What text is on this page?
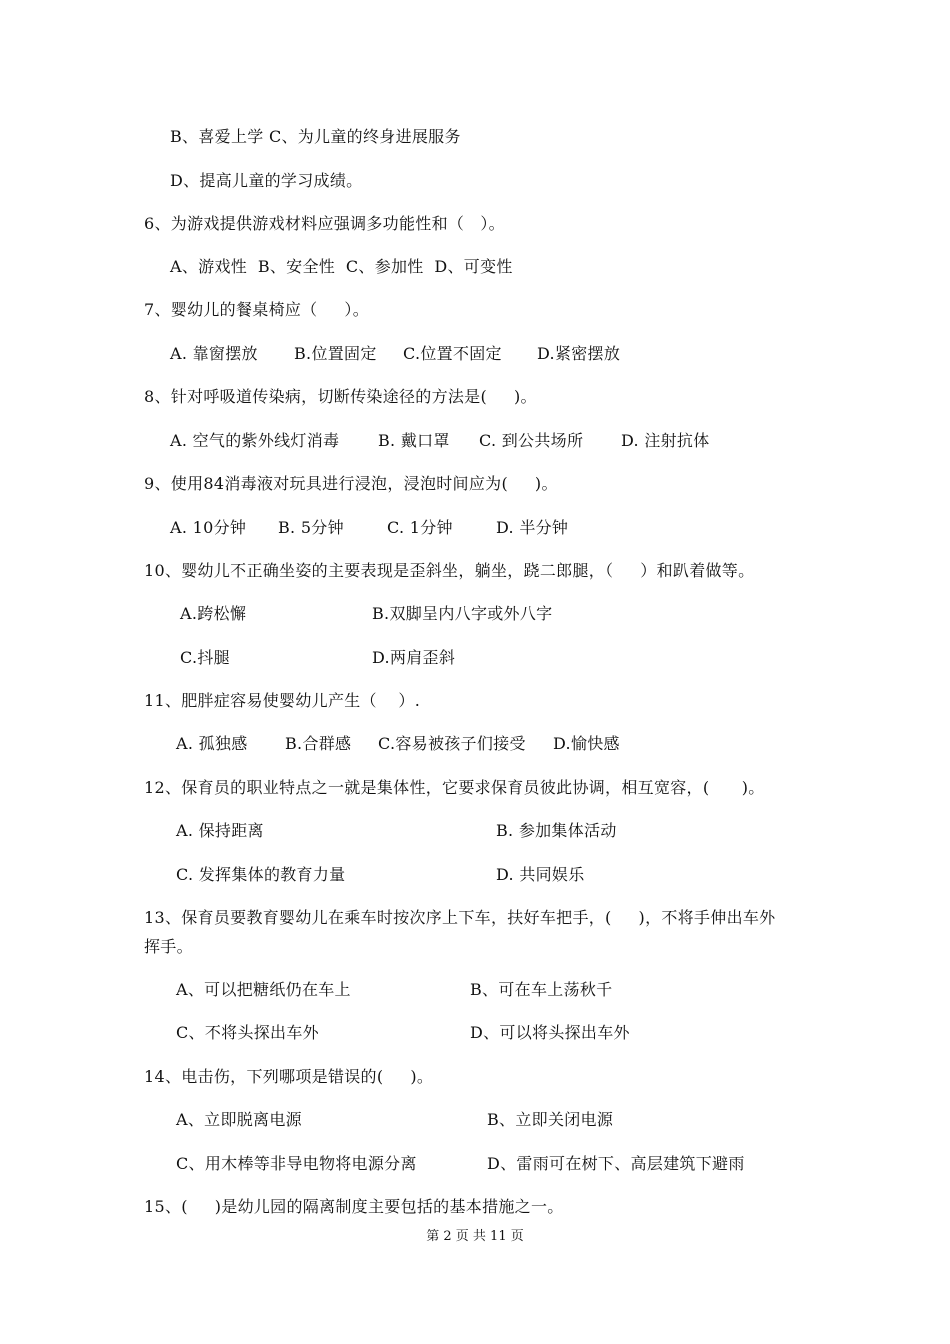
B、喜爱上学 C、为儿童的终身进展服务
D、提高儿童的学习成绩。
6、为游戏提供游戏材料应强调多功能性和（   ）。
A、游戏性  B、安全性  C、参加性  D、可变性
7、婴幼儿的餐桌椅应（     ）。
A. 靠窗摆放 B.位置固定 C.位置不固定 D.紧密摆放
8、针对呼吸道传染病，切断传染途径的方法是(     )。
A. 空气的紫外线灯消毒 B. 戴口罩 C. 到公共场所 D. 注射抗体
9、使用84消毒液对玩具进行浸泡，浸泡时间应为(     )。
A. 10分钟 B. 5分钟	C. 1分钟	D. 半分钟
10、婴幼儿不正确坐姿的主要表现是歪斜坐，躺坐，跷二郎腿，（     ）和趴着做等。
A.跨松懈	B.双脚呈内八字或外八字
C.抖腿	D.两肩歪斜
11、肥胖症容易使婴幼儿产生（    ）.
A. 孤独感 B.合群感 C.容易被孩子们接受 D.愉快感
12、保育员的职业特点之一就是集体性，它要求保育员彼此协调，相互宽容，(      )。
A. 保持距离	B. 参加集体活动
C. 发挥集体的教育力量	D. 共同娱乐
13、保育员要教育婴幼儿在乘车时按次序上下车，扶好车把手，(     )，不将手伸出车外
挥手。
A、可以把糖纸仍在车上	B、可在车上荡秋千
C、不将头探出车外	D、可以将头探出车外
14、电击伤，下列哪项是错误的(     )。
A、立即脱离电源	B、立即关闭电源
C、用木棒等非导电物将电源分离	D、雷雨可在树下、高层建筑下避雨
15、(     )是幼儿园的隔离制度主要包括的基本措施之一。
第 2 页 共 11 页
